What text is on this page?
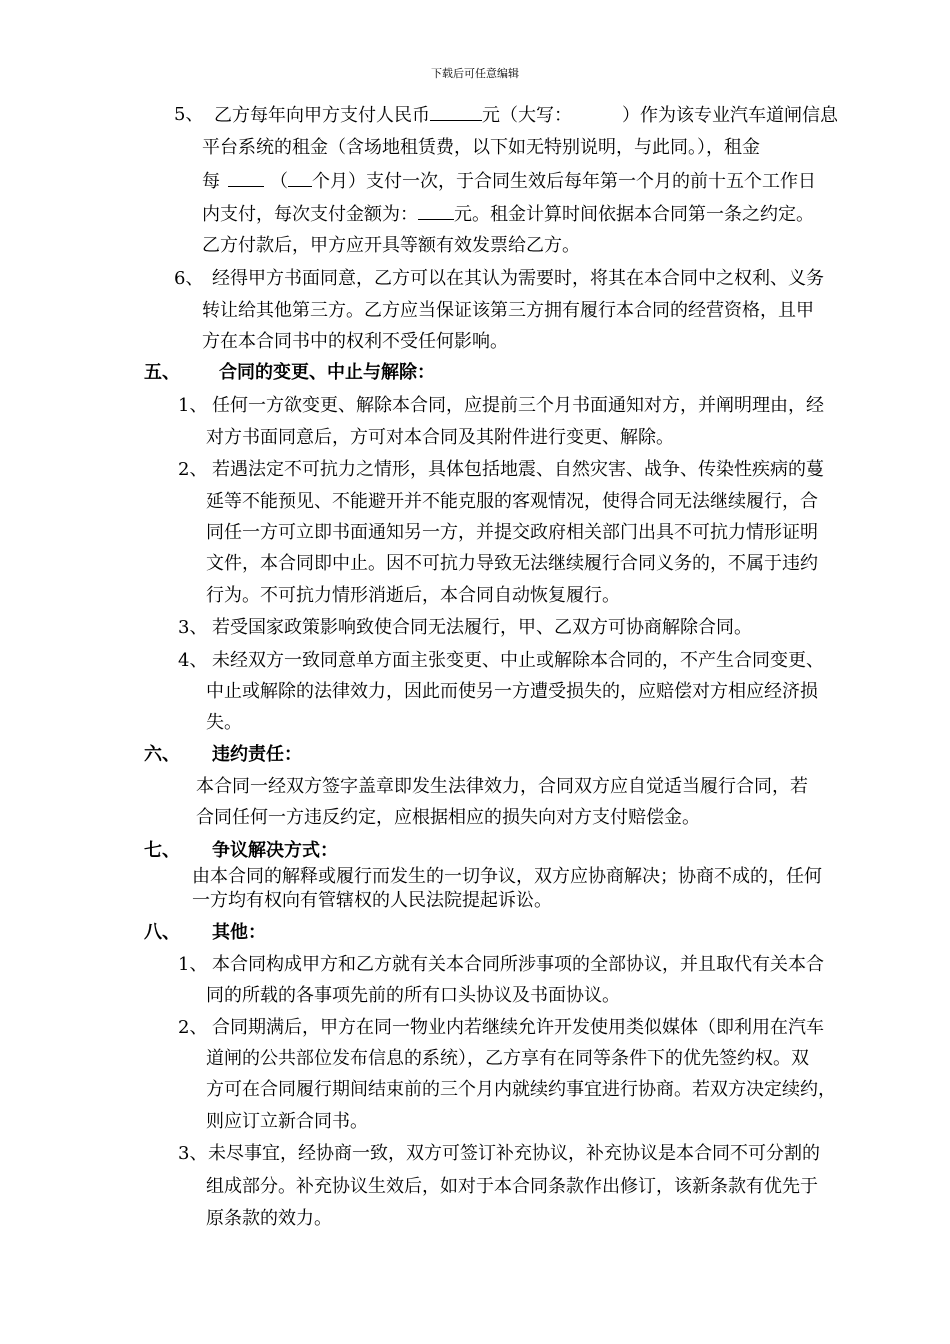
下载后可任意编辑
5、 乙方每年向甲方支付人民币	元（大写：	）作为该专业汽车道闸信息
平台系统的租金（含场地租赁费，以下如无特别说明，与此同。），租金
每	（ 个月）支付一次，于合同生效后每年第一个月的前十五个工作日
内支付，每次支付金额为： 元。租金计算时间依据本合同第一条之约定。
乙方付款后，甲方应开具等额有效发票给乙方。
6、 经得甲方书面同意，乙方可以在其认为需要时，将其在本合同中之权利、义务
转让给其他第三方。乙方应当保证该第三方拥有履行本合同的经营资格，且甲
方在本合同书中的权利不受任何影响。
五、 合同的变更、中止与解除：
1、 任何一方欲变更、解除本合同，应提前三个月书面通知对方，并阐明理由，经
对方书面同意后，方可对本合同及其附件进行变更、解除。
2、 若遇法定不可抗力之情形，具体包括地震、自然灾害、战争、传染性疾病的蔓
延等不能预见、不能避开并不能克服的客观情况，使得合同无法继续履行，合
同任一方可立即书面通知另一方，并提交政府相关部门出具不可抗力情形证明
文件，本合同即中止。因不可抗力导致无法继续履行合同义务的，不属于违约
行为。不可抗力情形消逝后，本合同自动恢复履行。
3、 若受国家政策影响致使合同无法履行，甲、乙双方可协商解除合同。
4、 未经双方一致同意单方面主张变更、中止或解除本合同的，不产生合同变更、
中止或解除的法律效力，因此而使另一方遭受损失的，应赔偿对方相应经济损
失。
六、 违约责任：
本合同一经双方签字盖章即发生法律效力，合同双方应自觉适当履行合同，若
合同任何一方违反约定，应根据相应的损失向对方支付赔偿金。
七、 争议解决方式：
由本合同的解释或履行而发生的一切争议，双方应协商解决；协商不成的，任何
一方均有权向有管辖权的人民法院提起诉讼。
八、 其他：
1、 本合同构成甲方和乙方就有关本合同所涉事项的全部协议，并且取代有关本合
同的所载的各事项先前的所有口头协议及书面协议。
2、 合同期满后，甲方在同一物业内若继续允许开发使用类似媒体（即利用在汽车
道闸的公共部位发布信息的系统），乙方享有在同等条件下的优先签约权。双
方可在合同履行期间结束前的三个月内就续约事宜进行协商。若双方决定续约，
则应订立新合同书。
3、 未尽事宜，经协商一致，双方可签订补充协议，补充协议是本合同不可分割的
组成部分。补充协议生效后，如对于本合同条款作出修订，该新条款有优先于
原条款的效力。
